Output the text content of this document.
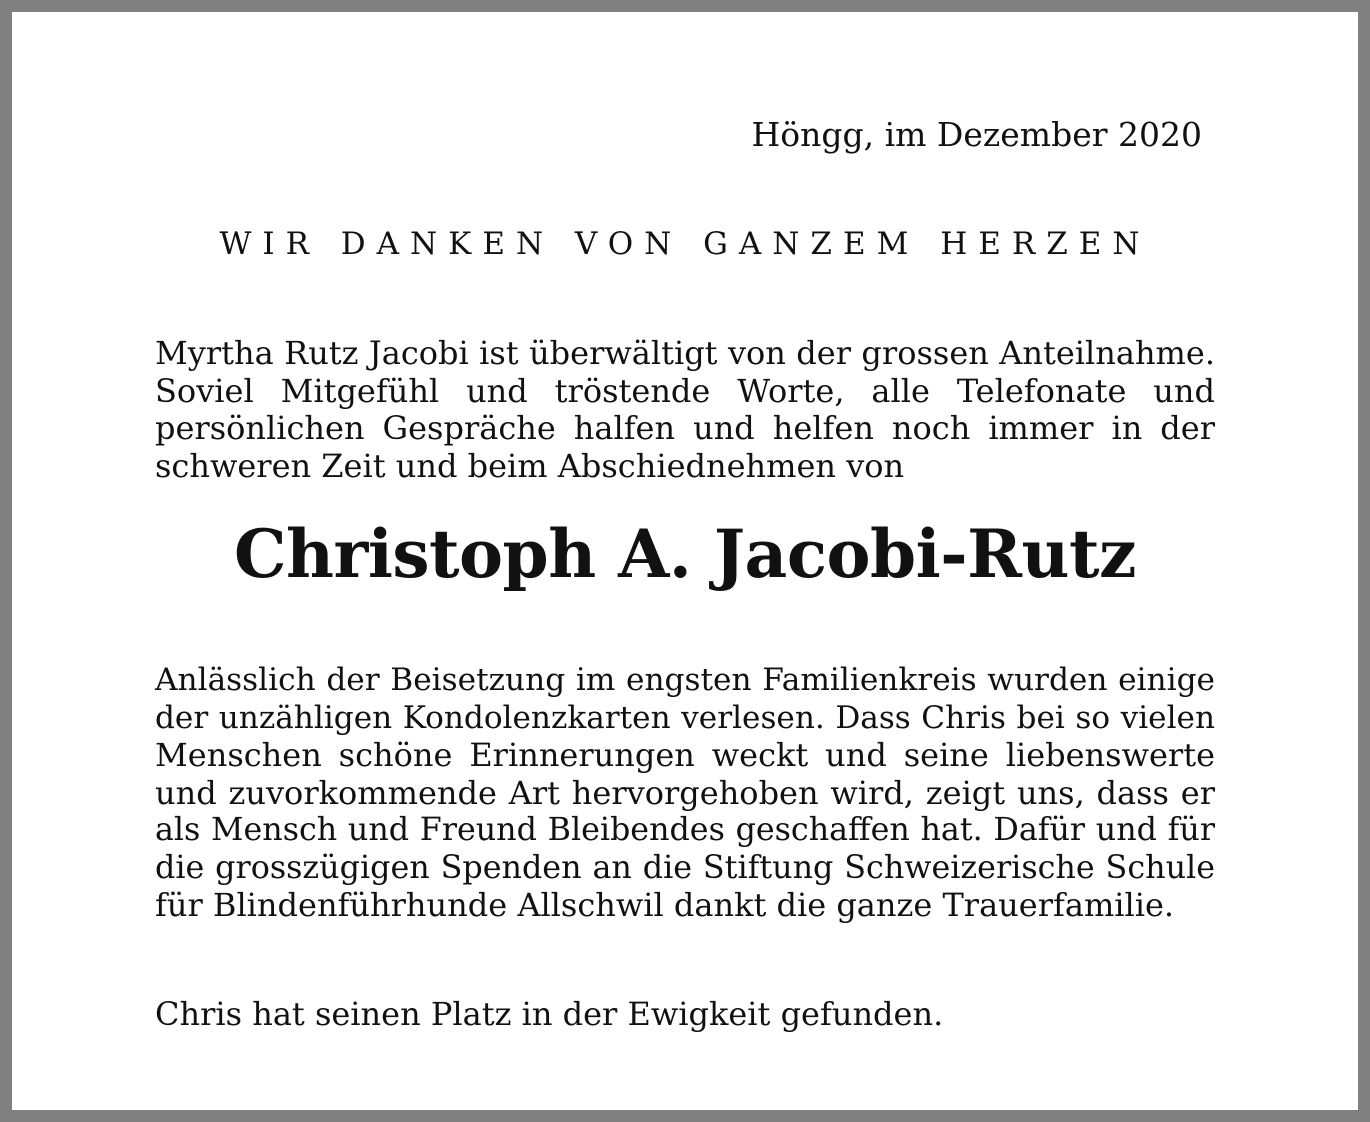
Höngg, im Dezember 2020
WIR DANKEN VON GANZEM HERZEN
Myrtha Rutz Jacobi ist überwältigt von der grossen Anteilnahme.
Soviel Mitgefühl und tröstende Worte, alle Telefonate und
persönlichen Gespräche halfen und helfen noch immer in der
schweren Zeit und beim Abschiednehmen von
Christoph A. Jacobi-Rutz
Anlässlich der Beisetzung im engsten Familienkreis wurden einige
der unzähligen Kondolenzkarten verlesen. Dass Chris bei so vielen
Menschen schöne Erinnerungen weckt und seine liebenswerte
und zuvorkommende Art hervorgehoben wird, zeigt uns, dass er
als Mensch und Freund Bleibendes geschaffen hat. Dafür und für
die grosszügigen Spenden an die Stiftung Schweizerische Schule
für Blindenführhunde Allschwil dankt die ganze Trauerfamilie.
Chris hat seinen Platz in der Ewigkeit gefunden.
